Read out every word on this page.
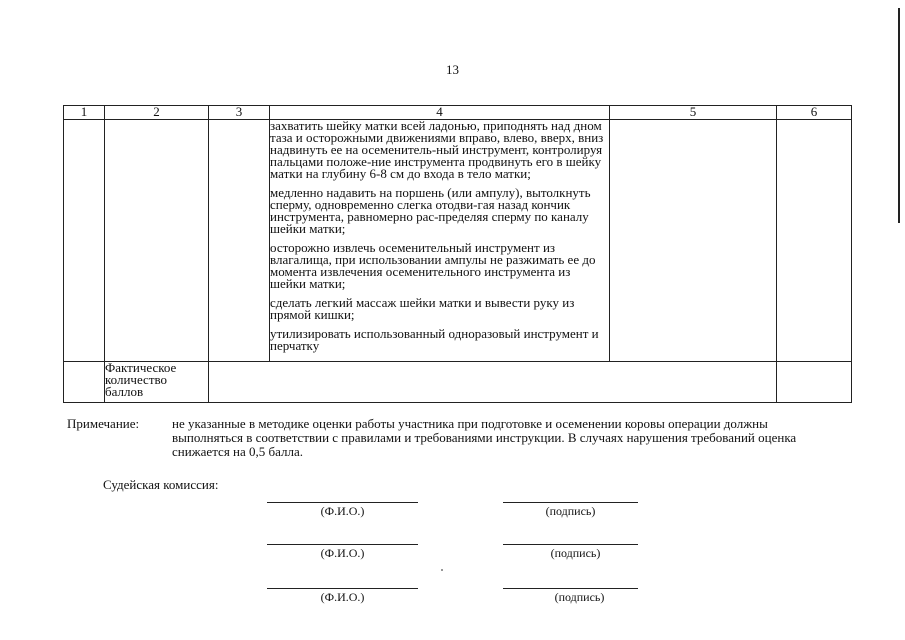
13
1	2	3	4	5	6

			захватить шейку матки всей ладонью, приподнять над дном таза и осторожными движениями вправо, влево, вверх, вниз надвинуть ее на осеменитель-ный инструмент, контролируя пальцами положе-ние инструмента продвинуть его в шейку матки на глубину 6-8 см до входа в тело матки;
медленно надавить на поршень (или ампулу), вытолкнуть сперму, одновременно слегка отодви-гая назад кончик инструмента, равномерно рас-пределяя сперму по каналу шейки матки;
осторожно извлечь осеменительный инструмент из влагалища, при использовании ампулы не разжимать ее до момента извлечения осеменительного инструмента из шейки матки;
сделать легкий массаж шейки матки и вывести руку из прямой кишки;
утилизировать использованный одноразовый инструмент и перчатку		

	Фактическое количество баллов				
Примечание:	не указанные в методике оценки работы участника при подготовке и осеменении коровы операции должны выполняться в соответствии с правилами и требованиями инструкции. В случаях нарушения требований оценка снижается на 0,5 балла.
Судейская комиссия:
(Ф.И.О.)	(подпись)
(Ф.И.О.)	(подпись)
(Ф.И.О.)	(подпись)
